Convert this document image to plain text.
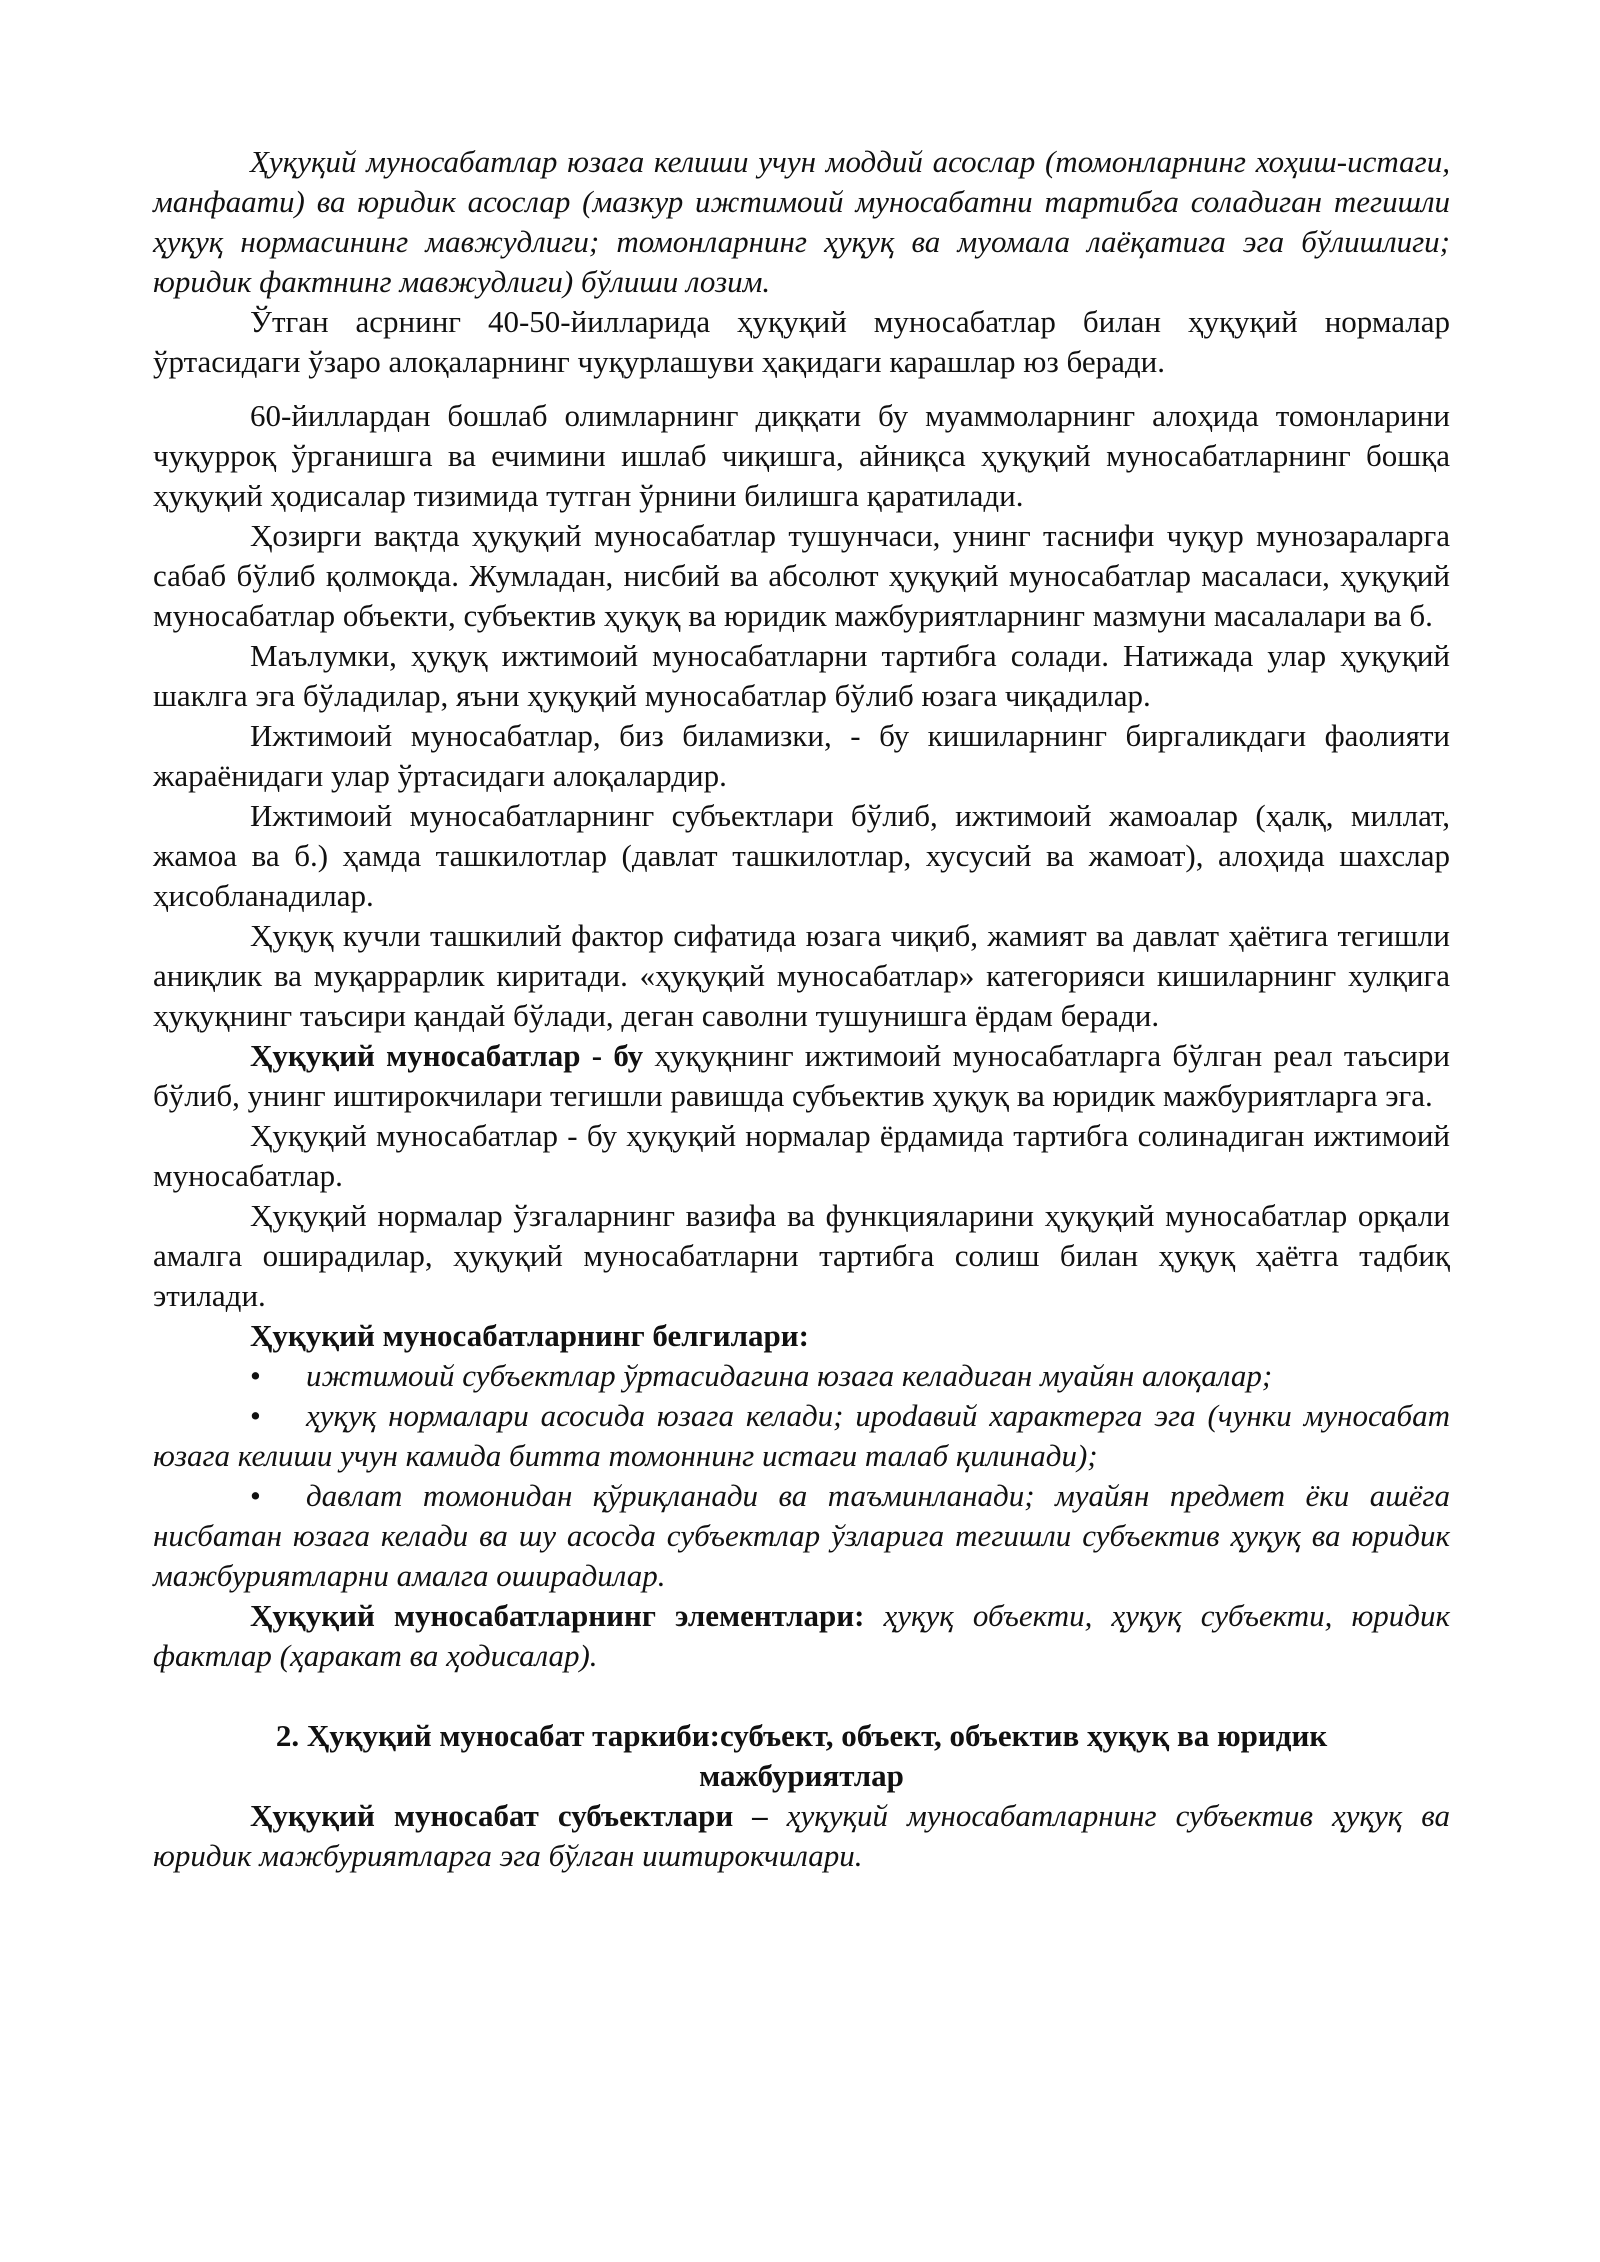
Ҳуқуқий муносабатлар юзага келиши учун моддий асослар (томонларнинг хоҳиш-истаги, манфаати) ва юридик асослар (мазкур ижтимоий муносабатни тартибга соладиган тегишли ҳуқуқ нормасининг мавжудлиги; томонларнинг ҳуқуқ ва муомала лаёқатига эга бўлишлиги; юридик фактнинг мавжудлиги) бўлиши лозим.

Ўтган асрнинг 40-50-йилларида ҳуқуқий муносабатлар билан ҳуқуқий нормалар ўртасидаги ўзаро алоқаларнинг чуқурлашуви ҳақидаги карашлар юз беради.

60-йиллардан бошлаб олимларнинг диққати бу муаммоларнинг алоҳида томонларини чуқурроқ ўрганишга ва ечимини ишлаб чиқишга, айниқса ҳуқуқий муносабатларнинг бошқа ҳуқуқий ҳодисалар тизимида тутган ўрнини билишга қаратилади.

Ҳозирги вақтда ҳуқуқий муносабатлар тушунчаси, унинг таснифи чуқур мунозараларга сабаб бўлиб қолмоқда. Жумладан, нисбий ва абсолют ҳуқуқий муносабатлар масаласи, ҳуқуқий муносабатлар объекти, субъектив ҳуқуқ ва юридик мажбуриятларнинг мазмуни масалалари ва б.

Маълумки, ҳуқуқ ижтимоий муносабатларни тартибга солади. Натижада улар ҳуқуқий шаклга эга бўладилар, яъни ҳуқуқий муносабатлар бўлиб юзага чиқадилар.

Ижтимоий муносабатлар, биз биламизки, - бу кишиларнинг биргаликдаги фаолияти жараёнидаги улар ўртасидаги алоқалардир.

Ижтимоий муносабатларнинг субъектлари бўлиб, ижтимоий жамоалар (ҳалқ, миллат, жамоа ва б.) ҳамда ташкилотлар (давлат ташкилотлар, хусусий ва жамоат), алоҳида шахслар ҳисобланадилар.

Ҳуқуқ кучли ташкилий фактор сифатида юзага чиқиб, жамият ва давлат ҳаётига тегишли аниқлик ва муқаррарлик киритади. «ҳуқуқий муносабатлар» категорияси кишиларнинг хулқига ҳуқуқнинг таъсири қандай бўлади, деган саволни тушунишга ёрдам беради.

Ҳуқуқий муносабатлар - бу ҳуқуқнинг ижтимоий муносабатларга бўлган реал таъсири бўлиб, унинг иштирокчилари тегишли равишда субъектив ҳуқуқ ва юридик мажбуриятларга эга.

Ҳуқуқий муносабатлар - бу ҳуқуқий нормалар ёрдамида тартибга солинадиган ижтимоий муносабатлар.

Ҳуқуқий нормалар ўзгаларнинг вазифа ва функцияларини ҳуқуқий муносабатлар орқали амалга оширадилар, ҳуқуқий муносабатларни тартибга солиш билан ҳуқуқ ҳаётга тадбиқ этилади.

Ҳуқуқий муносабатларнинг белгилари:

• ижтимоий субъектлар ўртасидагина юзага келадиган муайян алоқалар;

• ҳуқуқ нормалари асосида юзага келади; ирodавий характерга эга (чунки муносабат юзага келиши учун камида битта томоннинг истаги талаб қилинади);

• давлат томонидан қўриқланади ва таъминланади; муайян предмет ёки ашёга нисбатан юзага келади ва шу асосда субъектлар ўзларига тегишли субъектив ҳуқуқ ва юридик мажбуриятларни амалга оширадилар.

Ҳуқуқий муносабатларнинг элементлари: ҳуқуқ объекти, ҳуқуқ субъекти, юридик фактлар (ҳаракат ва ҳодисалар).

2. Ҳуқуқий муносабат таркиби:субъект, объект, объектив ҳуқуқ ва юридик мажбуриятлар

Ҳуқуқий муносабат субъектлари – ҳуқуқий муносабатларнинг субъектив ҳуқуқ ва юридик мажбуриятларга эга бўлган иштирокчилари.
